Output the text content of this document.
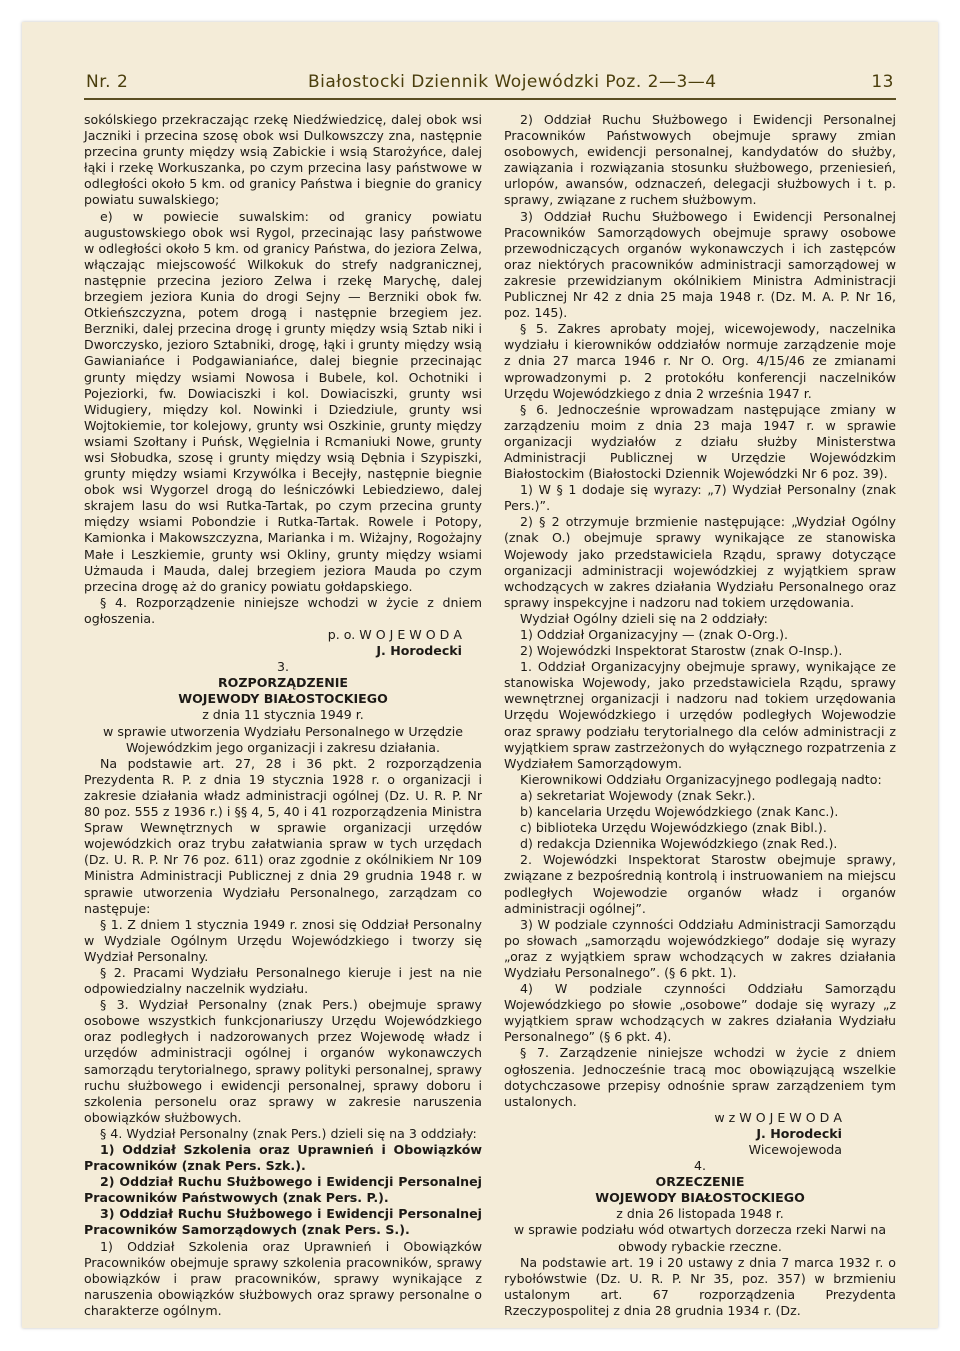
Nr. 2	Białostocki Dziennik Wojewódzki Poz. 2—3—4	13

sokólskiego przekraczając rzekę Niedźwiedzicę, dalej obok wsi Jaczniki i przecina szosę obok wsi Dulkowszczy zna, następnie przecina grunty między wsią Zabickie i wsią Starożyńce, dalej łąki i rzekę Workuszanka, po czym przecina lasy państwowe w odległości około 5 km. od granicy Państwa i biegnie do granicy powiatu suwalskiego;

e) w powiecie suwalskim: od granicy powiatu augustowskiego obok wsi Rygol, przecinając lasy państwowe w odległości około 5 km. od granicy Państwa, do jeziora Zelwa, włączając miejscowość Wilkokuk do strefy nadgranicznej, następnie przecina jezioro Zelwa i rzekę Marychę, dalej brzegiem jeziora Kunia do drogi Sejny — Berzniki obok fw. Otkieńszczyzna, potem drogą i następnie brzegiem jez. Berzniki, dalej przecina drogę i grunty między wsią Sztab niki i Dworczysko, jezioro Sztabniki, drogę, łąki i grunty między wsią Gawianiańce i Podgawianiańce, dalej biegnie przecinając grunty między wsiami Nowosa i Bubele, kol. Ochotniki i Pojeziorki, fw. Dowiaciszki i kol. Dowiaciszki, grunty wsi Widugiery, między kol. Nowinki i Dziedziule, grunty wsi Wojtokiemie, tor kolejowy, grunty wsi Oszkinie, grunty między wsiami Szołtany i Puńsk, Węgielnia i Rcmaniuki Nowe, grunty wsi Słobudka, szosę i grunty między wsią Dębnia i Szypiszki, grunty między wsiami Krzywólka i Becejły, następnie biegnie obok wsi Wygorzel drogą do leśniczówki Lebiedziewo, dalej skrajem lasu do wsi Rutka-Tartak, po czym przecina grunty między wsiami Pobondzie i Rutka-Tartak. Rowele i Potopy, Kamionka i Makowszczyzna, Marianka i m. Wiżajny, Rogożajny Małe i Leszkiemie, grunty wsi Okliny, grunty między wsiami Użmauda i Mauda, dalej brzegiem jeziora Mauda po czym przecina drogę aż do granicy powiatu gołdapskiego.

§ 4. Rozporządzenie niniejsze wchodzi w życie z dniem ogłoszenia.

p. o. W O J E W O D A

J. Horodecki

3.

ROZPORZĄDZENIE

WOJEWODY BIAŁOSTOCKIEGO

z dnia 11 stycznia 1949 r.

w sprawie utworzenia Wydziału Personalnego w Urzędzie Wojewódzkim jego organizacji i zakresu działania.

Na podstawie art. 27, 28 i 36 pkt. 2 rozporządzenia Prezydenta R. P. z dnia 19 stycznia 1928 r. o organizacji i zakresie działania władz administracji ogólnej (Dz. U. R. P. Nr 80 poz. 555 z 1936 r.) i §§ 4, 5, 40 i 41 rozporządzenia Ministra Spraw Wewnętrznych w sprawie organizacji urzędów wojewódzkich oraz trybu załatwiania spraw w tych urzędach (Dz. U. R. P. Nr 76 poz. 611) oraz zgodnie z okólnikiem Nr 109 Ministra Administracji Publicznej z dnia 29 grudnia 1948 r. w sprawie utworzenia Wydziału Personalnego, zarządzam co następuje:

§ 1. Z dniem 1 stycznia 1949 r. znosi się Oddział Personalny w Wydziale Ogólnym Urzędu Wojewódzkiego i tworzy się Wydział Personalny.

§ 2. Pracami Wydziału Personalnego kieruje i jest na nie odpowiedzialny naczelnik wydziału.

§ 3. Wydział Personalny (znak Pers.) obejmuje sprawy osobowe wszystkich funkcjonariuszy Urzędu Wojewódzkiego oraz podległych i nadzorowanych przez Wojewodę władz i urzędów administracji ogólnej i organów wykonawczych samorządu terytorialnego, sprawy polityki personalnej, sprawy ruchu służbowego i ewidencji personalnej, sprawy doboru i szkolenia personelu oraz sprawy w zakresie naruszenia obowiązków służbowych.

§ 4. Wydział Personalny (znak Pers.) dzieli się na 3 oddziały:

1) Oddział Szkolenia oraz Uprawnień i Obowiązków Pracowników (znak Pers. Szk.).

2) Oddział Ruchu Służbowego i Ewidencji Personalnej Pracowników Państwowych (znak Pers. P.).

3) Oddział Ruchu Służbowego i Ewidencji Personalnej Pracowników Samorządowych (znak Pers. S.).

1) Oddział Szkolenia oraz Uprawnień i Obowiązków Pracowników obejmuje sprawy szkolenia pracowników, sprawy obowiązków i praw pracowników, sprawy wynikające z naruszenia obowiązków służbowych oraz sprawy personalne o charakterze ogólnym.

2) Oddział Ruchu Służbowego i Ewidencji Personalnej Pracowników Państwowych obejmuje sprawy zmian osobowych, ewidencji personalnej, kandydatów do służby, zawiązania i rozwiązania stosunku służbowego, przeniesień, urlopów, awansów, odznaczeń, delegacji służbowych i t. p. sprawy, związane z ruchem służbowym.

3) Oddział Ruchu Służbowego i Ewidencji Personalnej Pracowników Samorządowych obejmuje sprawy osobowe przewodniczących organów wykonawczych i ich zastępców oraz niektórych pracowników administracji samorządowej w zakresie przewidzianym okólnikiem Ministra Administracji Publicznej Nr 42 z dnia 25 maja 1948 r. (Dz. M. A. P. Nr 16, poz. 145).

§ 5. Zakres aprobaty mojej, wicewojewody, naczelnika wydziału i kierowników oddziałów normuje zarządzenie moje z dnia 27 marca 1946 r. Nr O. Org. 4/15/46 ze zmianami wprowadzonymi p. 2 protokółu konferencji naczelników Urzędu Wojewódzkiego z dnia 2 września 1947 r.

§ 6. Jednocześnie wprowadzam następujące zmiany w zarządzeniu moim z dnia 23 maja 1947 r. w sprawie organizacji wydziałów z działu służby Ministerstwa Administracji Publicznej w Urzędzie Wojewódzkim Białostockim (Białostocki Dziennik Wojewódzki Nr 6 poz. 39).

1) W § 1 dodaje się wyrazy: „7) Wydział Personalny (znak Pers.)”.

2) § 2 otrzymuje brzmienie następujące: „Wydział Ogólny (znak O.) obejmuje sprawy wynikające ze stanowiska Wojewody jako przedstawiciela Rządu, sprawy dotyczące organizacji administracji wojewódzkiej z wyjątkiem spraw wchodzących w zakres działania Wydziału Personalnego oraz sprawy inspekcyjne i nadzoru nad tokiem urzędowania.

Wydział Ogólny dzieli się na 2 oddziały:

1) Oddział Organizacyjny — (znak O-Org.).

2) Wojewódzki Inspektorat Starostw (znak O-Insp.).

1. Oddział Organizacyjny obejmuje sprawy, wynikające ze stanowiska Wojewody, jako przedstawiciela Rządu, sprawy wewnętrznej organizacji i nadzoru nad tokiem urzędowania Urzędu Wojewódzkiego i urzędów podległych Wojewodzie oraz sprawy podziału terytorialnego dla celów administracji z wyjątkiem spraw zastrzeżonych do wyłącznego rozpatrzenia z Wydziałem Samorządowym.

Kierownikowi Oddziału Organizacyjnego podlegają nadto:

a) sekretariat Wojewody (znak Sekr.).

b) kancelaria Urzędu Wojewódzkiego (znak Kanc.).

c) biblioteka Urzędu Wojewódzkiego (znak Bibl.).

d) redakcja Dziennika Wojewódzkiego (znak Red.).

2. Wojewódzki Inspektorat Starostw obejmuje sprawy, związane z bezpośrednią kontrolą i instruowaniem na miejscu podległych Wojewodzie organów władz i organów administracji ogólnej”.

3) W podziale czynności Oddziału Administracji Samorządu po słowach „samorządu wojewódzkiego” dodaje się wyrazy „oraz z wyjątkiem spraw wchodzących w zakres działania Wydziału Personalnego”. (§ 6 pkt. 1).

4) W podziale czynności Oddziału Samorządu Wojewódzkiego po słowie „osobowe” dodaje się wyrazy „z wyjątkiem spraw wchodzących w zakres działania Wydziału Personalnego” (§ 6 pkt. 4).

§ 7. Zarządzenie niniejsze wchodzi w życie z dniem ogłoszenia. Jednocześnie tracą moc obowiązującą wszelkie dotychczasowe przepisy odnośnie spraw zarządzeniem tym ustalonych.

w z W O J E W O D A

J. Horodecki

Wicewojewoda

4.

ORZECZENIE

WOJEWODY BIAŁOSTOCKIEGO

z dnia 26 listopada 1948 r.

w sprawie podziału wód otwartych dorzecza rzeki Narwi na obwody rybackie rzeczne.

Na podstawie art. 19 i 20 ustawy z dnia 7 marca 1932 r. o rybołówstwie (Dz. U. R. P. Nr 35, poz. 357) w brzmieniu ustalonym art. 67 rozporządzenia Prezydenta Rzeczypospolitej z dnia 28 grudnia 1934 r. (Dz.
